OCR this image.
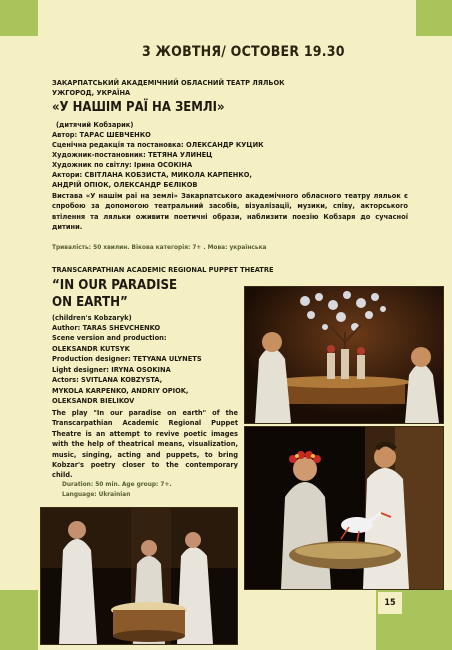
3 ЖОВТНЯ/ OCTOBER 19.30
ЗАКАРПАТСЬКИЙ АКАДЕМІЧНИЙ ОБЛАСНИЙ ТЕАТР ЛЯЛЬОК
УЖГОРОД, УКРАЇНА
«У НАШІМ РАЇ НА ЗЕМЛІ»
(дитячий Кобзарик)
Автор: ТАРАС ШЕВЧЕНКО
Сценічна редакція та постановка: ОЛЕКСАНДР КУЦИК
Художник-постановник: ТЕТЯНА УЛИНЕЦ
Художник по світлу: Ірина ОСОКІНА
Актори: СВІТЛАНА КОБЗИСТА, МИКОЛА КАРПЕНКО,
АНДРІЙ ОПІОК, ОЛЕКСАНДР БЄЛІКОВ
Вистава «У нашім раї на землі» Закарпатського академічного обласного театру ляльок є спробою за допомогою театральний засобів, візуалізації, музики, співу, акторського втілення та ляльки оживити поетичні образи, наблизити поезію Кобзаря до сучасної дитини.
Тривалість: 50 хвилин. Вікова категорія: 7+ . Мова: українська
TRANSCARPATHIAN ACADEMIC REGIONAL PUPPET THEATRE
“IN OUR PARADISE
ON EARTH”
(children's Kobzaryk)
Author: TARAS SHEVCHENKO
Scene version and production:
OLEKSANDR KUTSYK
Production designer: TETYANA ULYNETS
Light designer: IRYNA OSOKINA
Actors: SVITLANA KOBZYSTA,
MYKOLA KARPENKO, ANDRIY OPIOK,
OLEKSANDR BIELIKOV
The play "In our paradise on earth" of the Transcarpathian Academic Regional Puppet Theatre is an attempt to revive poetic images with the help of theatrical means, visualization, music, singing, acting and puppets, to bring Kobzar's poetry closer to the contemporary child.
Duration: 50 min. Age group: 7+.
Language: Ukrainian
15
